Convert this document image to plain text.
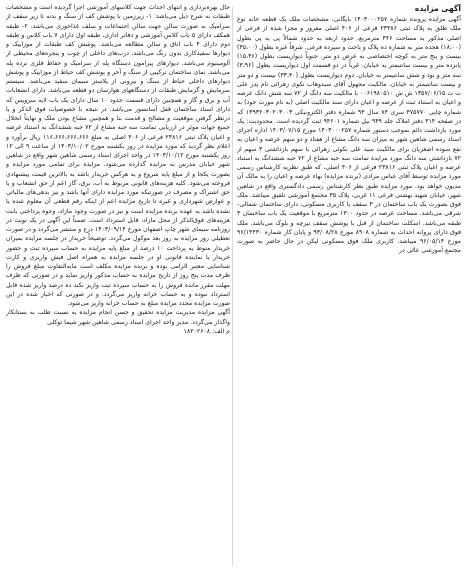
آگهی مزایده

آگهی مزایده پرونده شماره ۱۴۰۳۰۰۰۲۵۷ بایگانی، مشخصات ملک یک قطعه خانه نوع ملک طلق به پلاک ثبتی ۲۳۴۸۶ فرعی از ۴۰۶ اصلی مفروز و مجزا شده از فرعی از اصلی مذکور به مساحت ۴۴۶ مترمربع، حدود اربعه به حدود شمالاً پی به پی بطول (۱۸،۰۰) هجده متر به شماره ده پلاک و یاخت و سپرده فرعی. شرقاً غیره بطول (۳۵،۰۰) بیست و پنج متر به کوچه اختصاصی به عرض دو متر. جنوباً دیواریست بطول (۱۵،۴۶) پانزده متر و بیست سانتیمتر به خیابان. غرباً در دو قسمت اول دیواریست بطول (۳،۹۶) سه متر و نود و شش سانتیمتر به خیابان. دوم دیواریست بطول (۳۳،۴۰) بیست و دو متر و بیست سانتیمتر به خیابان. مالکیت مجهول آقای سیدوهاب نکوی زهرائی نام پدر علی ت ت ۱۳۵۷/۰۶/۱۵ ش ش ۰۰۶۱۹۸۰۵۱۰ با مالکیت سه دانگ از ۷۲ سه شش دانک عرصه و اعیان به استناد ثبت از عرصه و اعیان دارای سند مالکیت اصلی (به نام مورث خود) به شماره چاپی ۴۷۵۷۷۰ سری ۸۴ سال ۹۳ شماره دفتر الکترونیکی ۱۳۹۳۲۰۳۰۲۰۳۰۰۳ که در صفحه ۳۱۴ دفتر املاک جلد ۹۴۹ بیل شماره ۹۴۶۰۱ ثبت گردیده است. محدودیت: یک مورد بازداشت دائم بموجب دستور شماره ۱۴۰۳۰۰۰۲۵۷ مورخ ۱۴۰۳/۰۷/۱۵ اداره اجرای اسناد رسمی شاهین شهر به میزان سه دانگ مشاع از هفتاد و دو سهم عرصه و اعیان به نفع سوده اصغریان برای مالکیت سید علی نکوئی زهرائی با سهم بازداشتی ۳ سهم از ۷۲ بازداشتی سه دانگ مورد مزایده تمامت سه حبه مشاع از ۷۲ حبه ششدانگ به استناد عرصه و اعیان پلاک ثبتی ۲۳۸۱۶ فرعی از ۴۰۶ اصلی، که طبق نظریه کارشناس رسمی مورد مزایده توسط آقای عباس مرادی (برنده مزایده) بهاء عرصه و اعیان را به مالک آن مدیون خواهد بود. مورد مزایده طبق نظر کارشناس رسمی دادگستری واقع در شاهین شهر، خیابان شهید بهشتی فرعی ۱۱ غربی، پلاک ۳۵ مجتمع آموزشی تلفیق میباشد. ملک فوق بصورت یک باب ساختمان در ۳ سقف با کاربری مسکونی، دارای ساختمان شمالی- شرقی می‌باشد. مساحت عرصه در حدود ۱۳۰۰ مترمربع با موقعیت یک باب ساختمان ۳ طبقه می‌باشد. اسکلت ساختمان از قبل با پوشش سقف تیرچه و بلوک می‌باشد. ملک فوق دارای پروانه احداث به شماره ۸۹۰۸ مورخ ۹۳/۰۸/۲۸ و پایان کار شماره ۹۶/۱۴۴۳۰ مورخ ۹۶/۰۵/۱۴ میباشد. کاربری ملک فوق مسکونی لیکن در حال حاضر به صورت مجتمع آموزشی عالی در

حال بهره‌برداری و انتهای احداث جهت کلاسهای آموزشی اجرا گردیده است و مشخصات طبقات به شرح ذیل می‌باشد: ۱- زیرزمین با پوشش کف از سنگ و بدنه تا زیر سقف از سرامیک به صورت سالن جهت سالن اجتماعات و سلف غذاخوری می‌باشد. ۲- طبقه همکف دارای ۵ باب کلاس آموزشی و دفاتر اداری، طبقه اول دارای ۷ باب کلاس و طبقه دوم دارای ۴ باب اتاق و سالن مطالعه می‌باشد. پوشش کف طبقات از موزاییک و دیوارها سفیدکاری بدون رنگ می‌باشد. درب‌های داخلی از چوب و پنجره‌های محیطی از آلومینیوم می‌باشد. دیوارهای پیرامون دستگاه پله از سرامیک و حفاظ فلزی نرده پله می‌باشد. نمای ساختمان ترکیبی از سنگ و آجر و پوشش کف حیاط از موزاییک و پوشش دیوارهای داخلی حیاط از سنگ و بیرونی از پلاستر سیمان سفید می‌باشد. سیستم سرمایش و گرمایش طبقات از دستگاههای هوارسان دو قطعه می‌باشد. دارای انشعابات آب و برق و گاز و همچنین دارای قسمت حدود ۱۰ سال دارای یک باب لایه سرویس که دارای اسناد ساختمان قفل آسانسور می‌باشد. در نتیجه با خصوصیات فوق الذکر و با درنظر گرفتن موقعیت و مصالح و قدمت بنا و همچنین مشاع بودن ملک و نهایتاً انحلال جمیع جهات موثر در ارزیابی تمامت سه حبه مشاع از ۷۲ حبه ششدانگ به استناد عرصه و اعیان پلاک ثبتی ۲۳۸۱۶ فرعی از ۴۰۶ اصلی به مبلغ ۱۱۶،۶۶۶،۶۶۶،۶۶۶ ریال برآورد و اعلام نظر گردید که مورد مزایده در روز یکشنبه مورخ ۱۴۰۳/۱۰/۰۲ از ساعت ۹ الی ۱۲ روز یکشنبه مورخ ۱۴۰۳/۱۰/۱۲ در واحد اجرای اسناد رسمی شاهین شهر واقع در شاهین شهر خیابان مدرس به مزایده گذارده می‌شود. مزایده برای تمامی مورد مزایده و بصورت یکجا و از مبلغ پایه شروع و به هرکس خریدار باشد به بالاترین قیمت پیشنهادی فروخته می‌شود. کلیه هزینه‌های قانونی مربوط به آب، برق، گاز اعم از حق انشعاب و یا حق اشتراک و مصرف در صورتیکه مورد مزایده دارای آنها باشد و نیز بدهی‌های مالیاتی و عوارض شهرداری و غیره تا تاریخ مزایده اعم از اینکه رقم قطعی آن معلوم شده یا نشده باشد به عهده برنده مزایده است و نیز در صورت وجود مازاد، وجوه پرداختی بابت هزینه‌های فوق‌الذکر از محل مازاد، قابل استرداد است. ضمناً این آگهی در یک نوبت در روزنامه سیمای شهر چاپ اصفهان مورخ ۱۴۰۳/۰۹/۱۴ درج و منتشر می‌گردد و در صورت تعطیلی روز مزایده به روز بعد موکول می‌گردد. توضیحاً خریدار در جلسه مزایده بمیزان خریدار منوط به پرداخت ۱۰ درصد از مبلغ پایه مزایده به حساب سپرده ثبت و حضور خریدار یا نماینده قانونی او در جلسه مزایده به همراه اصل فیش واریزی و کارت شناسایی معتبر الزامی بوده و برنده مزایده مکلف است مابه‌التفاوت مبلغ فروش را ظرف مدت پنج روز از تاریخ مزایده به حساب مذکور واریز نماید و در صورتی که ظرف مهلت مقرر مانده فروش را به حساب سپرده ثبت واریز نکند ده درصد واریز شده قابل استرداد نبوده و به حساب خزانه واریز می‌گردد. و در صورتی که اخبار شده در این صورت مزایده مجدد مزایده مبلغ به حساب خزانه واریز می‌شود.

آگهی مزایده مدیریت مزایده تحقیق و حسن انجام مزایده به نسبت طلب به بستانکار واگذار می‌گردد. مدیر واحد اجرای اسناد رسمی شاهین شهر شیما توکلی

م الف: ۱۸۲۰۲۶۰۸
